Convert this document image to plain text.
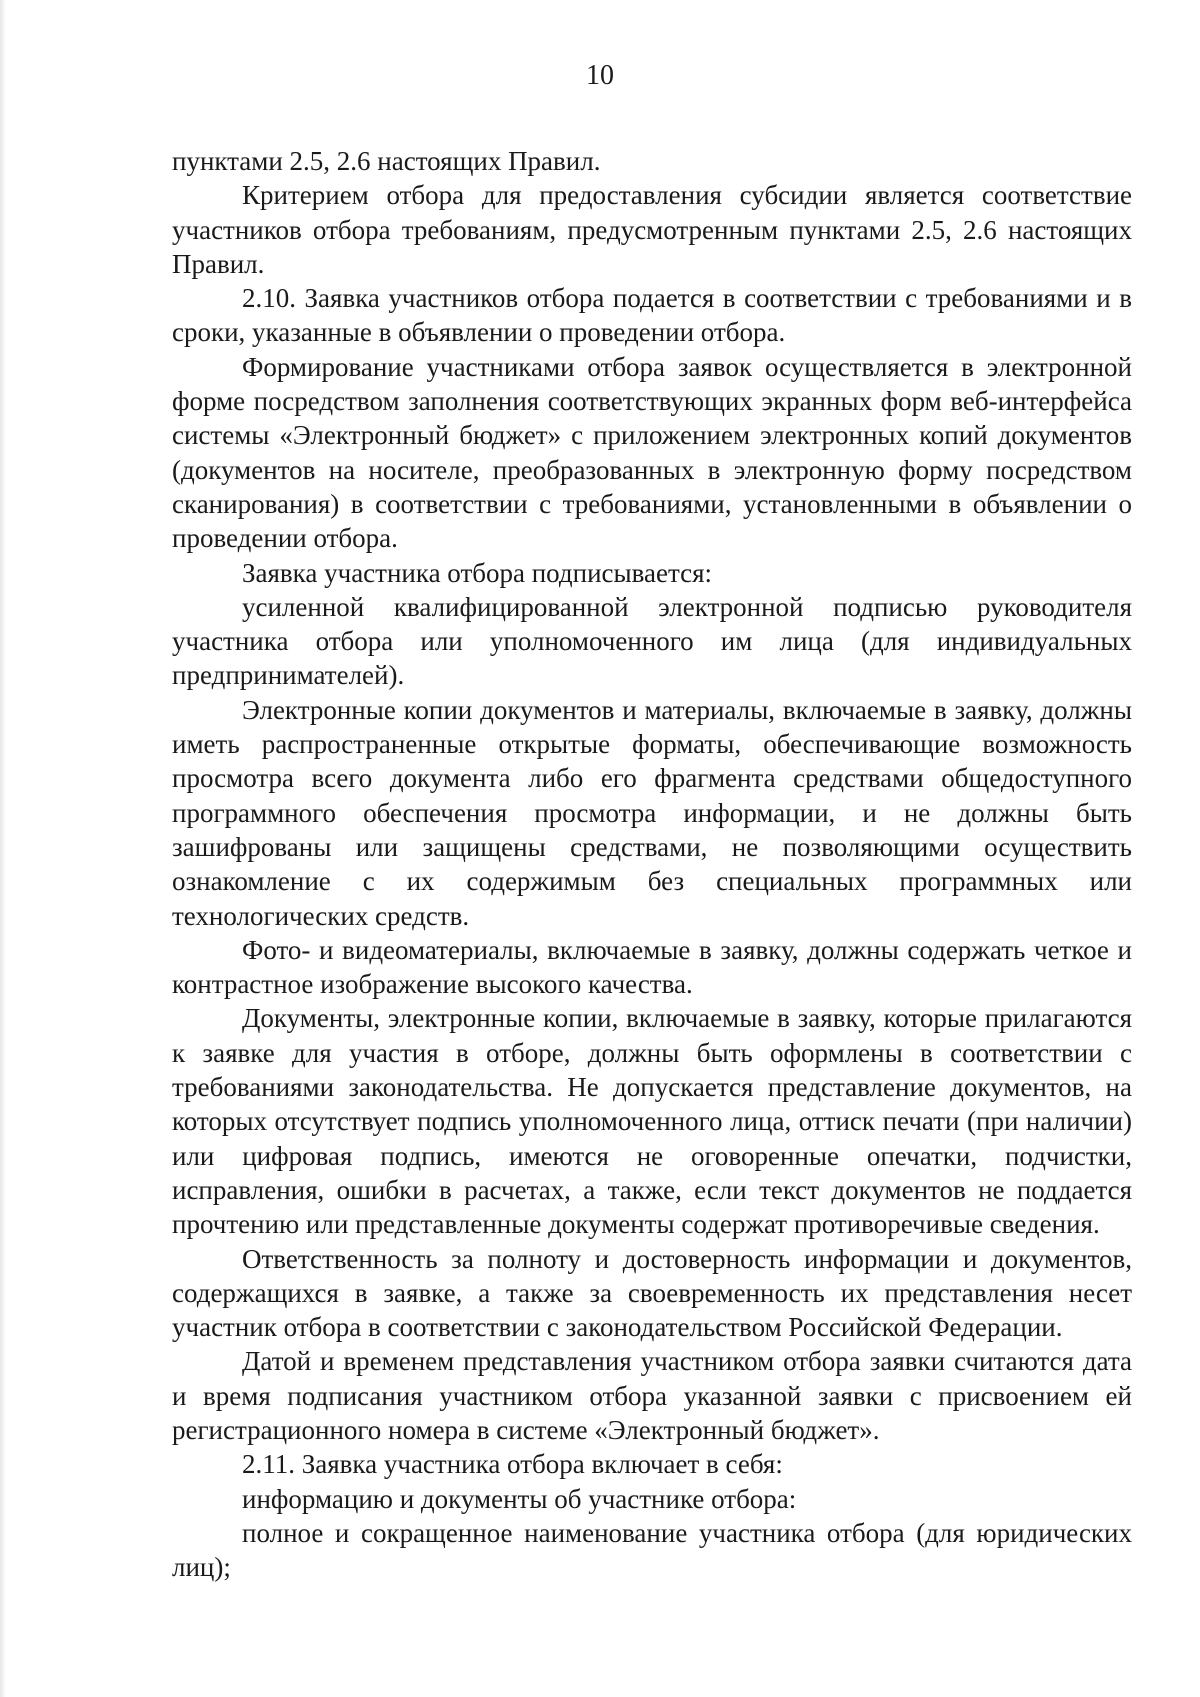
10

пунктами 2.5, 2.6 настоящих Правил.

Критерием отбора для предоставления субсидии является соответствие участников отбора требованиям, предусмотренным пунктами 2.5, 2.6 настоящих Правил.

2.10. Заявка участников отбора подается в соответствии с требованиями и в сроки, указанные в объявлении о проведении отбора.

Формирование участниками отбора заявок осуществляется в электронной форме посредством заполнения соответствующих экранных форм веб-интерфейса системы «Электронный бюджет» с приложением электронных копий документов (документов на носителе, преобразованных в электронную форму посредством сканирования) в соответствии с требованиями, установленными в объявлении о проведении отбора.

Заявка участника отбора подписывается:

усиленной квалифицированной электронной подписью руководителя участника отбора или уполномоченного им лица (для индивидуальных предпринимателей).

Электронные копии документов и материалы, включаемые в заявку, должны иметь распространенные открытые форматы, обеспечивающие возможность просмотра всего документа либо его фрагмента средствами общедоступного программного обеспечения просмотра информации, и не должны быть зашифрованы или защищены средствами, не позволяющими осуществить ознакомление с их содержимым без специальных программных или технологических средств.

Фото- и видеоматериалы, включаемые в заявку, должны содержать четкое и контрастное изображение высокого качества.

Документы, электронные копии, включаемые в заявку, которые прилагаются к заявке для участия в отборе, должны быть оформлены в соответствии с требованиями законодательства. Не допускается представление документов, на которых отсутствует подпись уполномоченного лица, оттиск печати (при наличии) или цифровая подпись, имеются не оговоренные опечатки, подчистки, исправления, ошибки в расчетах, а также, если текст документов не поддается прочтению или представленные документы содержат противоречивые сведения.

Ответственность за полноту и достоверность информации и документов, содержащихся в заявке, а также за своевременность их представления несет участник отбора в соответствии с законодательством Российской Федерации.

Датой и временем представления участником отбора заявки считаются дата и время подписания участником отбора указанной заявки с присвоением ей регистрационного номера в системе «Электронный бюджет».

2.11. Заявка участника отбора включает в себя:

информацию и документы об участнике отбора:

полное и сокращенное наименование участника отбора (для юридических лиц);
